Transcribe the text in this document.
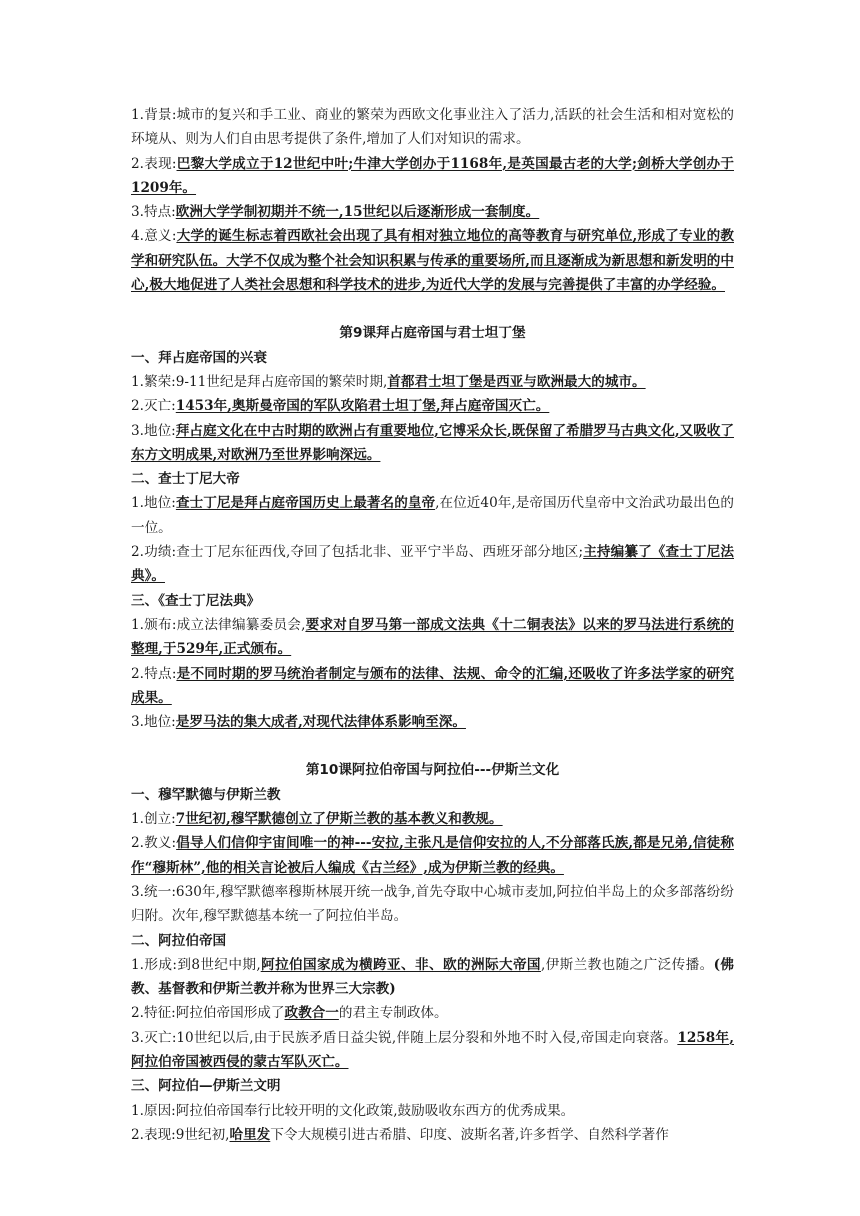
1.背景:城市的复兴和手工业、商业的繁荣为西欧文化事业注入了活力,活跃的社会生活和相对宽松的环境从、则为人们自由思考提供了条件,增加了人们对知识的需求。
2.表现:巴黎大学成立于12世纪中叶;牛津大学创办于1168年,是英国最古老的大学;剑桥大学创办于1209年。
3.特点:欧洲大学学制初期并不统一,15世纪以后逐渐形成一套制度。
4.意义:大学的诞生标志着西欧社会出现了具有相对独立地位的高等教育与研究单位,形成了专业的教学和研究队伍。大学不仅成为整个社会知识积累与传承的重要场所,而且逐渐成为新思想和新发明的中心,极大地促进了人类社会思想和科学技术的进步,为近代大学的发展与完善提供了丰富的办学经验。
第9课拜占庭帝国与君士坦丁堡
一、拜占庭帝国的兴衰
1.繁荣:9-11世纪是拜占庭帝国的繁荣时期,首都君士坦丁堡是西亚与欧洲最大的城市。
2.灭亡:1453年,奥斯曼帝国的军队攻陷君士坦丁堡,拜占庭帝国灭亡。
3.地位:拜占庭文化在中古时期的欧洲占有重要地位,它博采众长,既保留了希腊罗马古典文化,又吸收了东方文明成果,对欧洲乃至世界影响深远。
二、查士丁尼大帝
1.地位:查士丁尼是拜占庭帝国历史上最著名的皇帝,在位近40年,是帝国历代皇帝中文治武功最出色的一位。
2.功绩:查士丁尼东征西伐,夺回了包括北非、亚平宁半岛、西班牙部分地区;主持编纂了《查士丁尼法典》。
三、《查士丁尼法典》
1.颁布:成立法律编纂委员会,要求对自罗马第一部成文法典《十二铜表法》以来的罗马法进行系统的整理,于529年,正式颁布。
2.特点:是不同时期的罗马统治者制定与颁布的法律、法规、命令的汇编,还吸收了许多法学家的研究成果。
3.地位:是罗马法的集大成者,对现代法律体系影响至深。
第10课阿拉伯帝国与阿拉伯---伊斯兰文化
一、穆罕默德与伊斯兰教
1.创立:7世纪初,穆罕默德创立了伊斯兰教的基本教义和教规。
2.教义:倡导人们信仰宇宙间唯一的神---安拉,主张凡是信仰安拉的人,不分部落氏族,都是兄弟,信徒称作“穆斯林”,他的相关言论被后人编成《古兰经》,成为伊斯兰教的经典。
3.统一:630年,穆罕默德率穆斯林展开统一战争,首先夺取中心城市麦加,阿拉伯半岛上的众多部落纷纷归附。次年,穆罕默德基本统一了阿拉伯半岛。
二、阿拉伯帝国
1.形成:到8世纪中期,阿拉伯国家成为横跨亚、非、欧的洲际大帝国,伊斯兰教也随之广泛传播。(佛教、基督教和伊斯兰教并称为世界三大宗教)
2.特征:阿拉伯帝国形成了政教合一的君主专制政体。
3.灭亡:10世纪以后,由于民族矛盾日益尖锐,伴随上层分裂和外地不时入侵,帝国走向衰落。1258年,阿拉伯帝国被西侵的蒙古军队灭亡。
三、阿拉伯—伊斯兰文明
1.原因:阿拉伯帝国奉行比较开明的文化政策,鼓励吸收东西方的优秀成果。
2.表现:9世纪初,哈里发下令大规模引进古希腊、印度、波斯名著,许多哲学、自然科学著作
